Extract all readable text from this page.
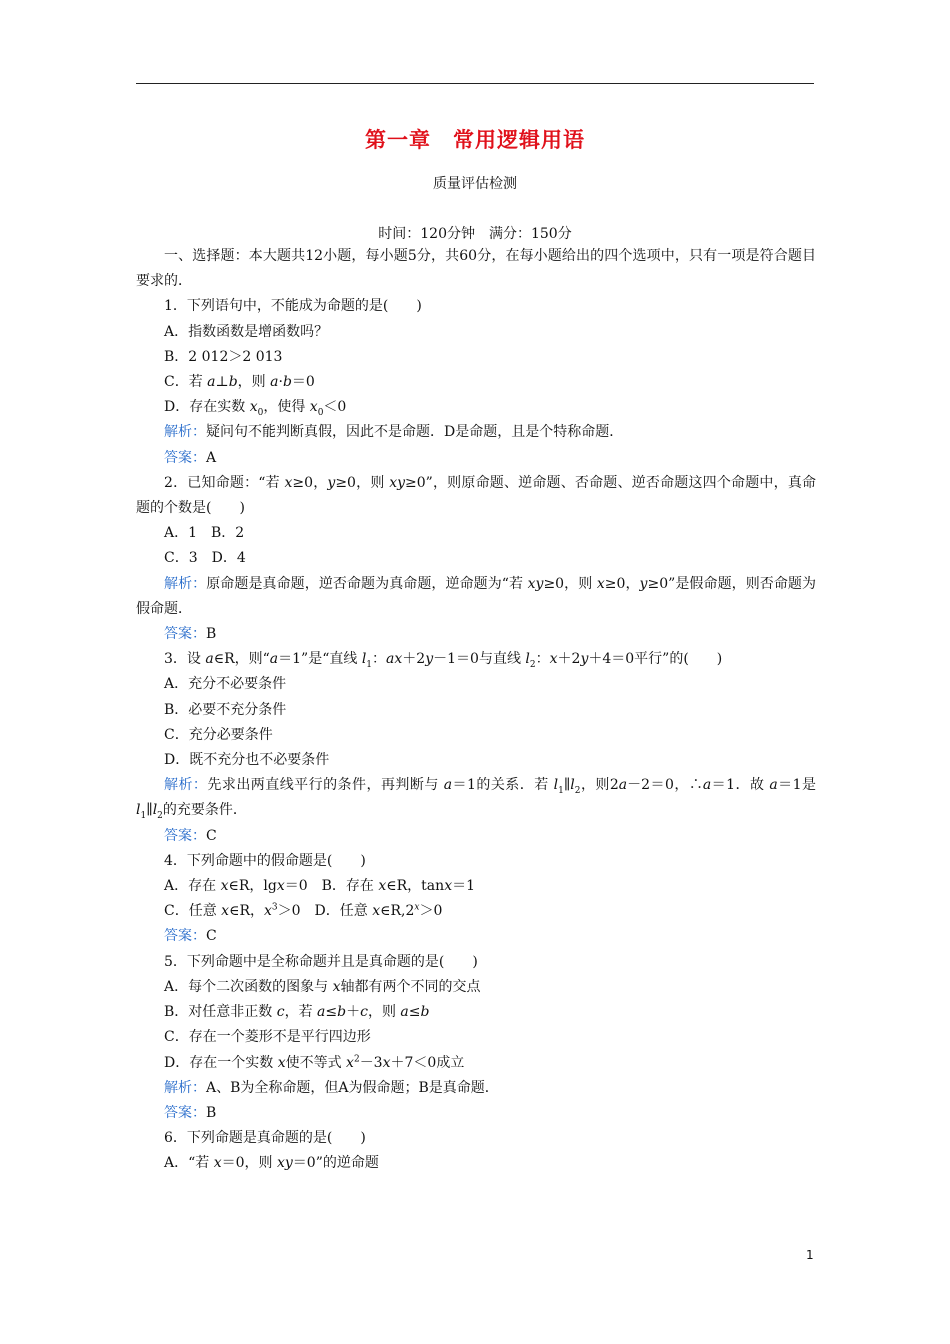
第一章　常用逻辑用语
质量评估检测
时间：120分钟　满分：150分

一、选择题：本大题共12小题，每小题5分，共60分，在每小题给出的四个选项中，只有一项是符合题目要求的．

1．下列语句中，不能成为命题的是(　　)

A．指数函数是增函数吗？

B．2 012＞2 013

C．若 a⊥b，则 a·b＝0

D．存在实数 $x_0$，使得 $x_0<0$

解析：疑问句不能判断真假，因此不是命题．D是命题，且是个特称命题．

答案：A

2．已知命题：“若 x≥0，y≥0，则 xy≥0”，则原命题、逆命题、否命题、逆否命题这四个命题中，真命题的个数是(　　)

A．1　B．2

C．3　D．4

解析：原命题是真命题，逆否命题为真命题，逆命题为“若 xy≥0，则 x≥0，y≥0”是假命题，则否命题为假命题．

答案：B

3．设 a∈R，则“a＝1”是“直线 $l_1$：ax＋2y－1＝0与直线 $l_2$：x＋2y＋4＝0平行”的(　　)

A．充分不必要条件

B．必要不充分条件

C．充分必要条件

D．既不充分也不必要条件

解析：先求出两直线平行的条件，再判断与 a＝1的关系．若 $l_1\parallel l_2$，则2a－2＝0，∴a＝1．故 a＝1是 $l_1\parallel l_2$的充要条件．

答案：C

4．下列命题中的假命题是(　　)

A．存在 x∈R，lgx＝0　B．存在 x∈R，tanx＝1

C．任意 x∈R，$x^3>0$　D．任意 $x\in R,2^x>0$

答案：C

5．下列命题中是全称命题并且是真命题的是(　　)

A．每个二次函数的图象与 x轴都有两个不同的交点

B．对任意非正数 c，若 a≤b＋c，则 a≤b

C．存在一个菱形不是平行四边形

D．存在一个实数 x使不等式 $x^2-3x+7<0$成立

解析：A、B为全称命题，但A为假命题；B是真命题．

答案：B

6．下列命题是真命题的是(　　)

A．“若 x＝0，则 xy＝0”的逆命题

1
